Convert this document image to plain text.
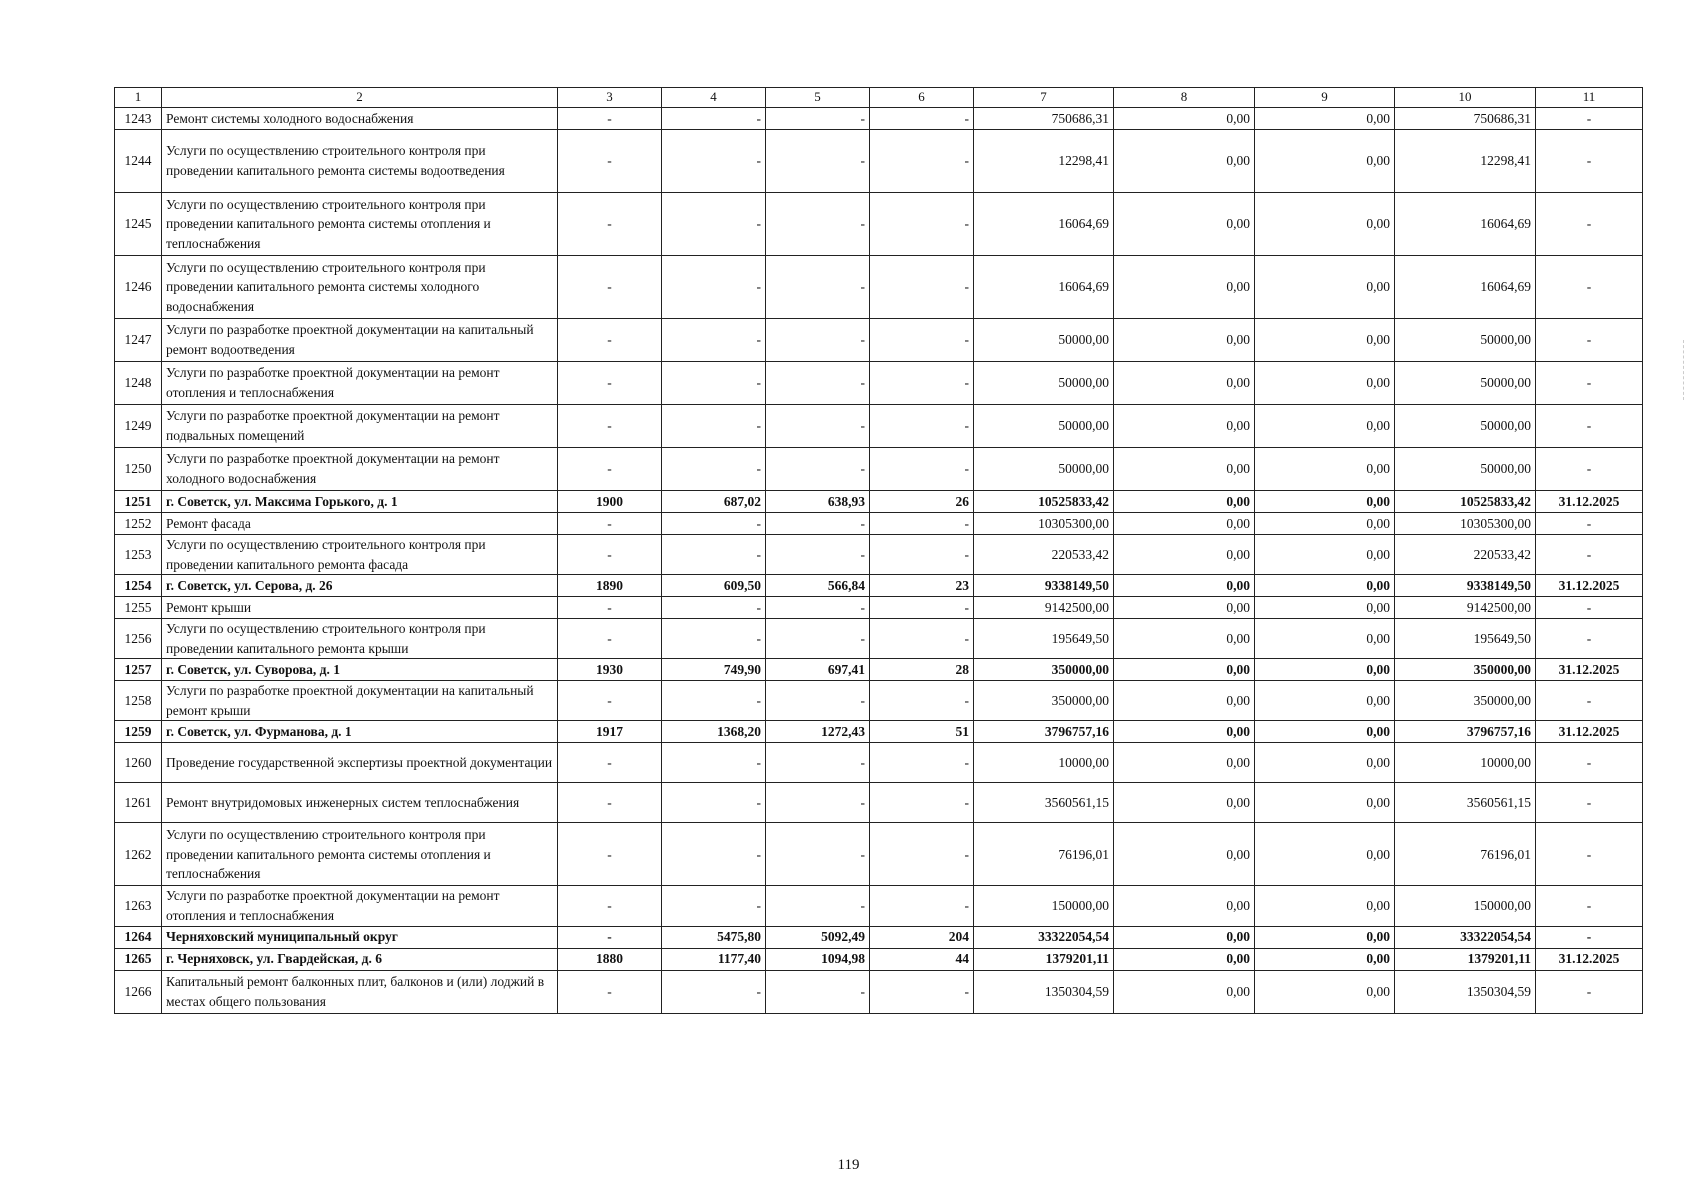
1	2	3	4	5	6	7	8	9	10	11
1243	Ремонт системы холодного водоснабжения	-	-	-	-	750686,31	0,00	0,00	750686,31	-
1244	Услуги по осуществлению строительного контроля при проведении капитального ремонта системы водоотведения	-	-	-	-	12298,41	0,00	0,00	12298,41	-
1245	Услуги по осуществлению строительного контроля при проведении капитального ремонта системы отопления и теплоснабжения	-	-	-	-	16064,69	0,00	0,00	16064,69	-
1246	Услуги по осуществлению строительного контроля при проведении капитального ремонта системы холодного водоснабжения	-	-	-	-	16064,69	0,00	0,00	16064,69	-
1247	Услуги по разработке проектной документации на капитальный ремонт водоотведения	-	-	-	-	50000,00	0,00	0,00	50000,00	-
1248	Услуги по разработке проектной документации на ремонт отопления и теплоснабжения	-	-	-	-	50000,00	0,00	0,00	50000,00	-
1249	Услуги по разработке проектной документации на ремонт подвальных помещений	-	-	-	-	50000,00	0,00	0,00	50000,00	-
1250	Услуги по разработке проектной документации на ремонт холодного водоснабжения	-	-	-	-	50000,00	0,00	0,00	50000,00	-
1251	г. Советск, ул. Максима Горького, д. 1	1900	687,02	638,93	26	10525833,42	0,00	0,00	10525833,42	31.12.2025
1252	Ремонт фасада	-	-	-	-	10305300,00	0,00	0,00	10305300,00	-
1253	Услуги по осуществлению строительного контроля при проведении капитального ремонта фасада	-	-	-	-	220533,42	0,00	0,00	220533,42	-
1254	г. Советск, ул. Серова, д. 26	1890	609,50	566,84	23	9338149,50	0,00	0,00	9338149,50	31.12.2025
1255	Ремонт крыши	-	-	-	-	9142500,00	0,00	0,00	9142500,00	-
1256	Услуги по осуществлению строительного контроля при проведении капитального ремонта крыши	-	-	-	-	195649,50	0,00	0,00	195649,50	-
1257	г. Советск, ул. Суворова, д. 1	1930	749,90	697,41	28	350000,00	0,00	0,00	350000,00	31.12.2025
1258	Услуги по разработке проектной документации на капитальный ремонт крыши	-	-	-	-	350000,00	0,00	0,00	350000,00	-
1259	г. Советск, ул. Фурманова, д. 1	1917	1368,20	1272,43	51	3796757,16	0,00	0,00	3796757,16	31.12.2025
1260	Проведение государственной экспертизы проектной документации	-	-	-	-	10000,00	0,00	0,00	10000,00	-
1261	Ремонт внутридомовых инженерных систем теплоснабжения	-	-	-	-	3560561,15	0,00	0,00	3560561,15	-
1262	Услуги по осуществлению строительного контроля при проведении капитального ремонта системы отопления и теплоснабжения	-	-	-	-	76196,01	0,00	0,00	76196,01	-
1263	Услуги по разработке проектной документации на ремонт отопления и теплоснабжения	-	-	-	-	150000,00	0,00	0,00	150000,00	-
1264	Черняховский муниципальный округ	-	5475,80	5092,49	204	33322054,54	0,00	0,00	33322054,54	-
1265	г. Черняховск, ул. Гвардейская, д. 6	1880	1177,40	1094,98	44	1379201,11	0,00	0,00	1379201,11	31.12.2025
1266	Капитальный ремонт балконных плит, балконов и (или) лоджий в местах общего пользования	-	-	-	-	1350304,59	0,00	0,00	1350304,59	-
119
